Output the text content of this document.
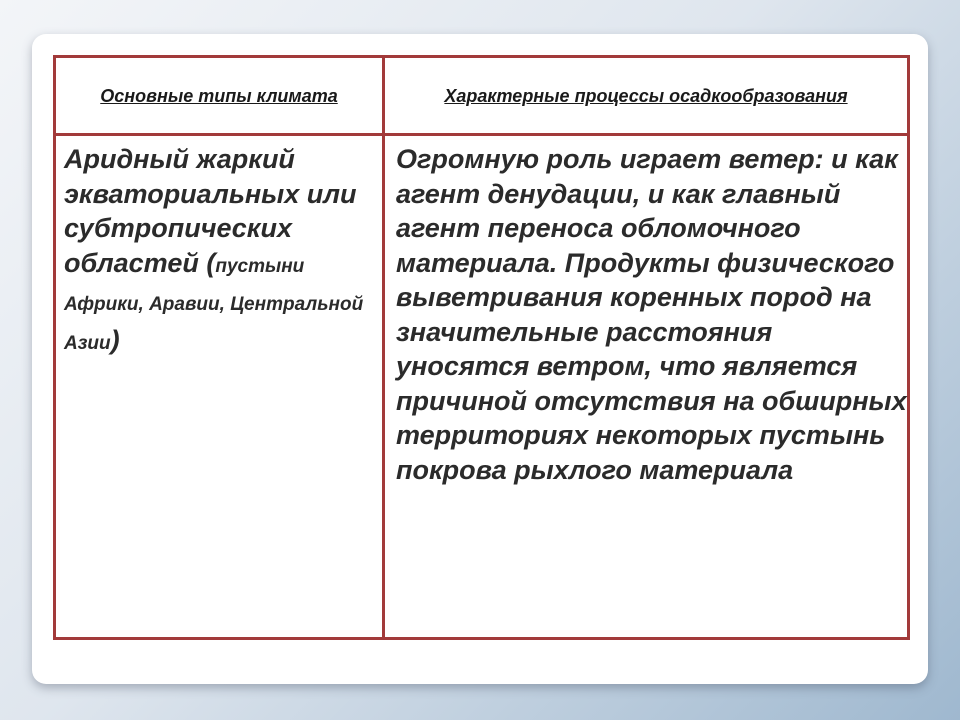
Основные типы климата	Характерные процессы осадкообразования
Аридный жаркий экваториальных или субтропических областей (пустыни Африки, Аравии, Центральной Азии)
Огромную роль играет ветер: и как агент денудации, и как главный агент переноса обломочного материала. Продукты физического выветривания коренных пород на значительные расстояния уносятся ветром, что является причиной отсутствия на обширных территориях некоторых пустынь покрова рыхлого материала
